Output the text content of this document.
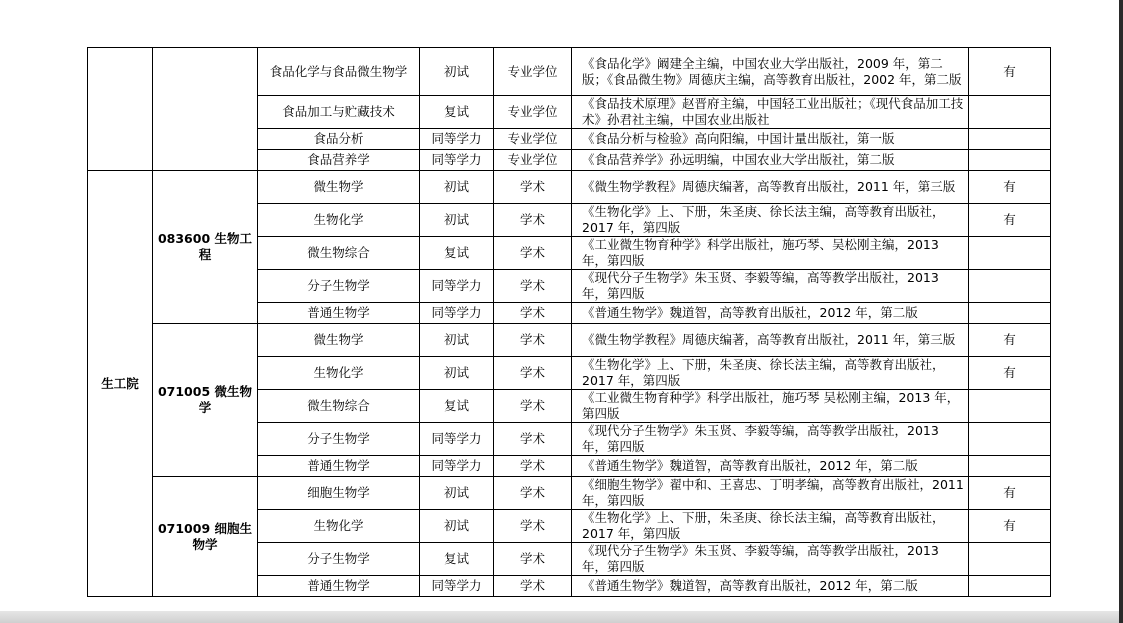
		食品化学与食品微生物学	初试	专业学位	《食品化学》阚建全主编，中国农业大学出版社，2009 年，第二版；《食品微生物》周德庆主编，高等教育出版社，2002 年，第二版	有
		食品加工与贮藏技术	复试	专业学位	《食品技术原理》赵晋府主编，中国轻工业出版社；《现代食品加工技术》孙君社主编，中国农业出版社	
		食品分析	同等学力	专业学位	《食品分析与检验》高向阳编，中国计量出版社，第一版	
		食品营养学	同等学力	专业学位	《食品营养学》孙远明编，中国农业大学出版社，第二版	
生工院	083600 生物工程	微生物学	初试	学术	《微生物学教程》周德庆编著，高等教育出版社，2011 年，第三版	有
		生物化学	初试	学术	《生物化学》上、下册，朱圣庚、徐长法主编，高等教育出版社，2017 年，第四版	有
		微生物综合	复试	学术	《工业微生物育种学》科学出版社，施巧琴、吴松刚主编，2013 年，第四版	
		分子生物学	同等学力	学术	《现代分子生物学》朱玉贤、李毅等编，高等教学出版社，2013 年，第四版	
		普通生物学	同等学力	学术	《普通生物学》魏道智，高等教育出版社，2012 年，第二版	
	071005 微生物学	微生物学	初试	学术	《微生物学教程》周德庆编著，高等教育出版社，2011 年，第三版	有
		生物化学	初试	学术	《生物化学》上、下册，朱圣庚、徐长法主编，高等教育出版社，2017 年，第四版	有
		微生物综合	复试	学术	《工业微生物育种学》科学出版社，施巧琴 吴松刚主编，2013 年，第四版	
		分子生物学	同等学力	学术	《现代分子生物学》朱玉贤、李毅等编，高等教学出版社，2013 年，第四版	
		普通生物学	同等学力	学术	《普通生物学》魏道智，高等教育出版社，2012 年，第二版	
	071009 细胞生物学	细胞生物学	初试	学术	《细胞生物学》翟中和、王喜忠、丁明孝编，高等教育出版社，2011 年，第四版	有
		生物化学	初试	学术	《生物化学》上、下册，朱圣庚、徐长法主编，高等教育出版社，2017 年，第四版	有
		分子生物学	复试	学术	《现代分子生物学》朱玉贤、李毅等编，高等教学出版社，2013 年，第四版	
		普通生物学	同等学力	学术	《普通生物学》魏道智，高等教育出版社，2012 年，第二版	
